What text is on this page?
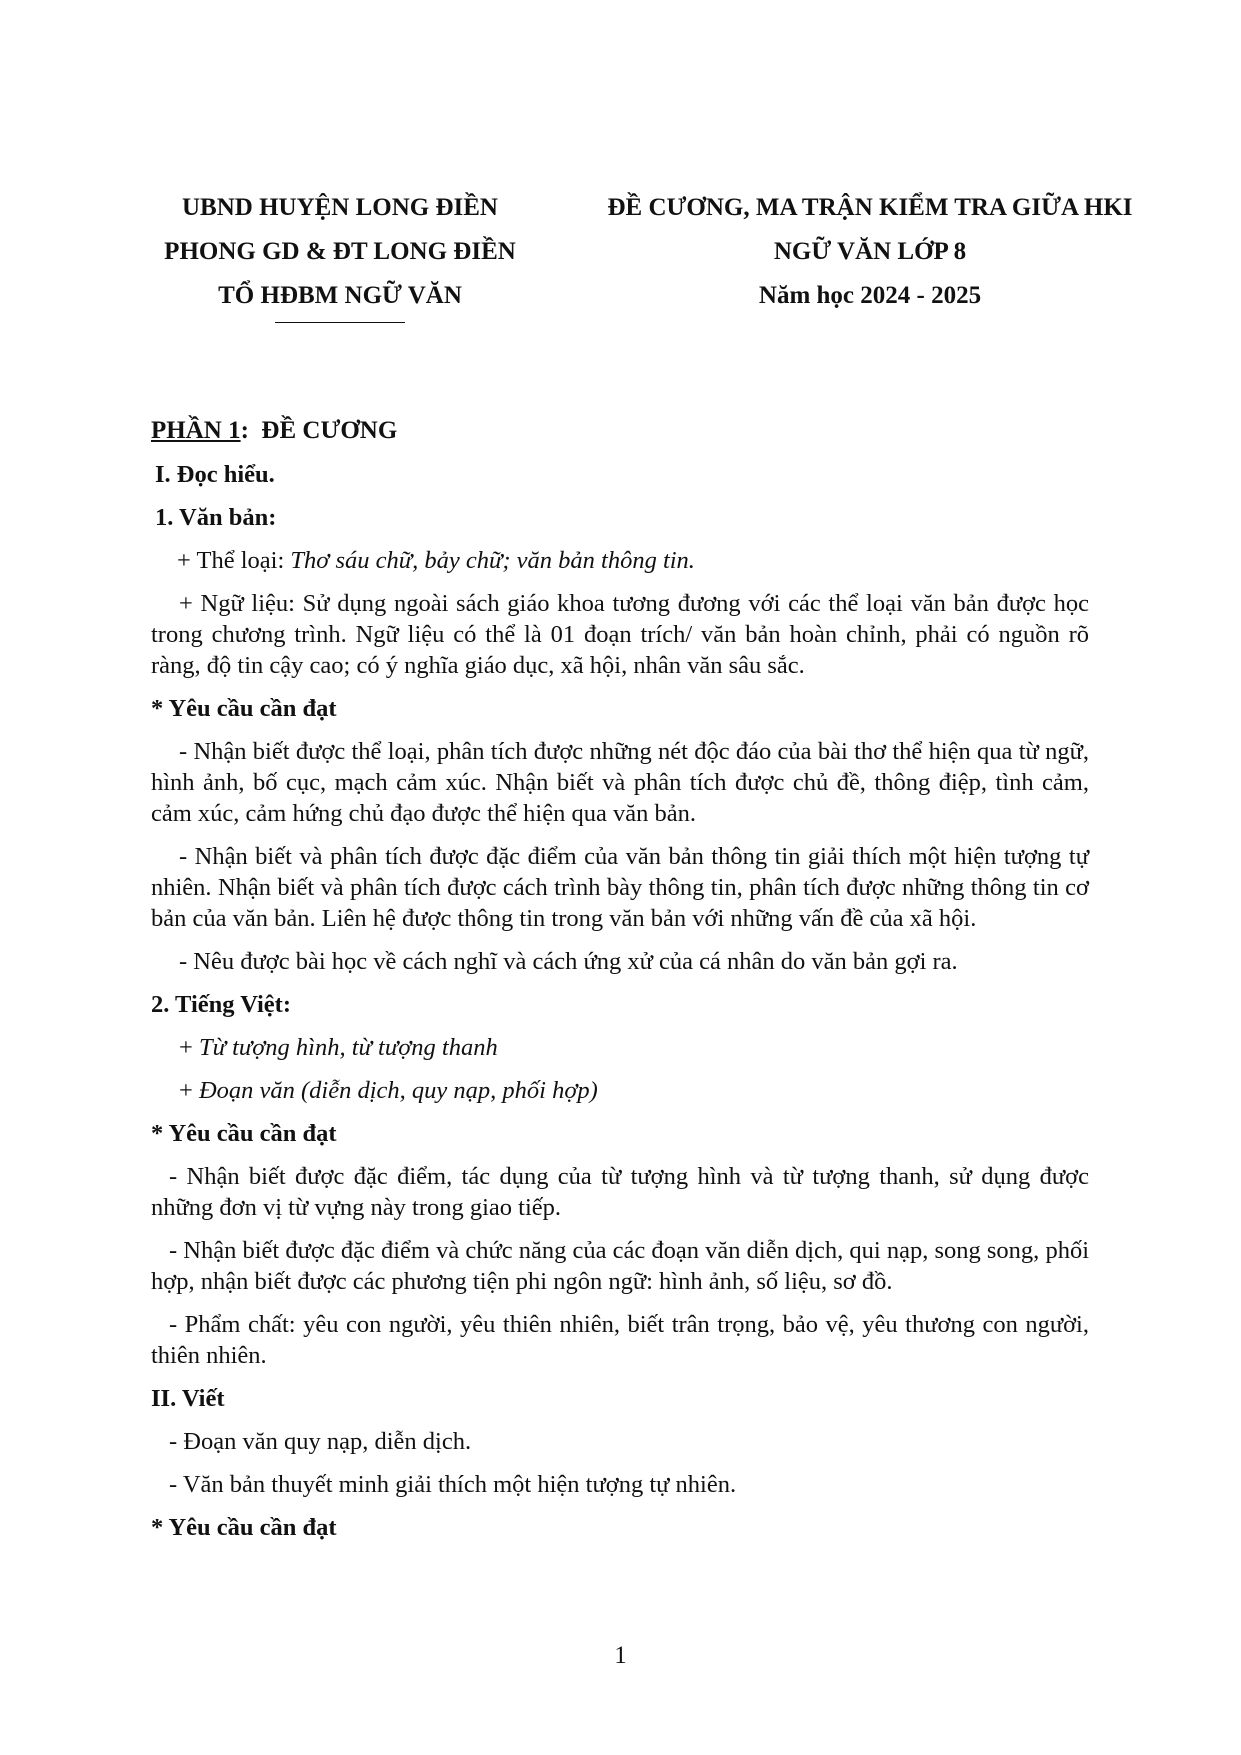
UBND HUYỆN LONG ĐIỀN
PHONG GD & ĐT LONG ĐIỀN
TỔ HĐBM NGỮ VĂN
ĐỀ CƯƠNG, MA TRẬN KIỂM TRA GIỮA HKI
NGỮ VĂN LỚP 8
Năm học 2024 - 2025

PHẦN 1:  ĐỀ CƯƠNG

I. Đọc hiểu.

1. Văn bản:

+ Thể loại: Thơ sáu chữ, bảy chữ; văn bản thông tin.

+ Ngữ liệu: Sử dụng ngoài sách giáo khoa tương đương với các thể loại văn bản được học trong chương trình. Ngữ liệu có thể là 01 đoạn trích/ văn bản hoàn chỉnh, phải có nguồn rõ ràng, độ tin cậy cao; có ý nghĩa giáo dục, xã hội, nhân văn sâu sắc.

* Yêu cầu cần đạt

- Nhận biết được thể loại, phân tích được những nét độc đáo của bài thơ thể hiện qua từ ngữ, hình ảnh, bố cục, mạch cảm xúc. Nhận biết và phân tích được chủ đề, thông điệp, tình cảm, cảm xúc, cảm hứng chủ đạo được thể hiện qua văn bản.

- Nhận biết và phân tích được đặc điểm của văn bản thông tin giải thích một hiện tượng tự nhiên. Nhận biết và phân tích được cách trình bày thông tin, phân tích được những thông tin cơ bản của văn bản. Liên hệ được thông tin trong văn bản với những vấn đề của xã hội.

- Nêu được bài học về cách nghĩ và cách ứng xử của cá nhân do văn bản gợi ra.

2. Tiếng Việt:

+ Từ tượng hình, từ tượng thanh

+ Đoạn văn (diễn dịch, quy nạp, phối hợp)

* Yêu cầu cần đạt

- Nhận biết được đặc điểm, tác dụng của từ tượng hình và từ tượng thanh, sử dụng được những đơn vị từ vựng này trong giao tiếp.

- Nhận biết được đặc điểm và chức năng của các đoạn văn diễn dịch, qui nạp, song song, phối hợp, nhận biết được các phương tiện phi ngôn ngữ: hình ảnh, số liệu, sơ đồ.

- Phẩm chất: yêu con người, yêu thiên nhiên, biết trân trọng, bảo vệ, yêu thương con người, thiên nhiên.

II. Viết

- Đoạn văn quy nạp, diễn dịch.

- Văn bản thuyết minh giải thích một hiện tượng tự nhiên.

* Yêu cầu cần đạt

1
